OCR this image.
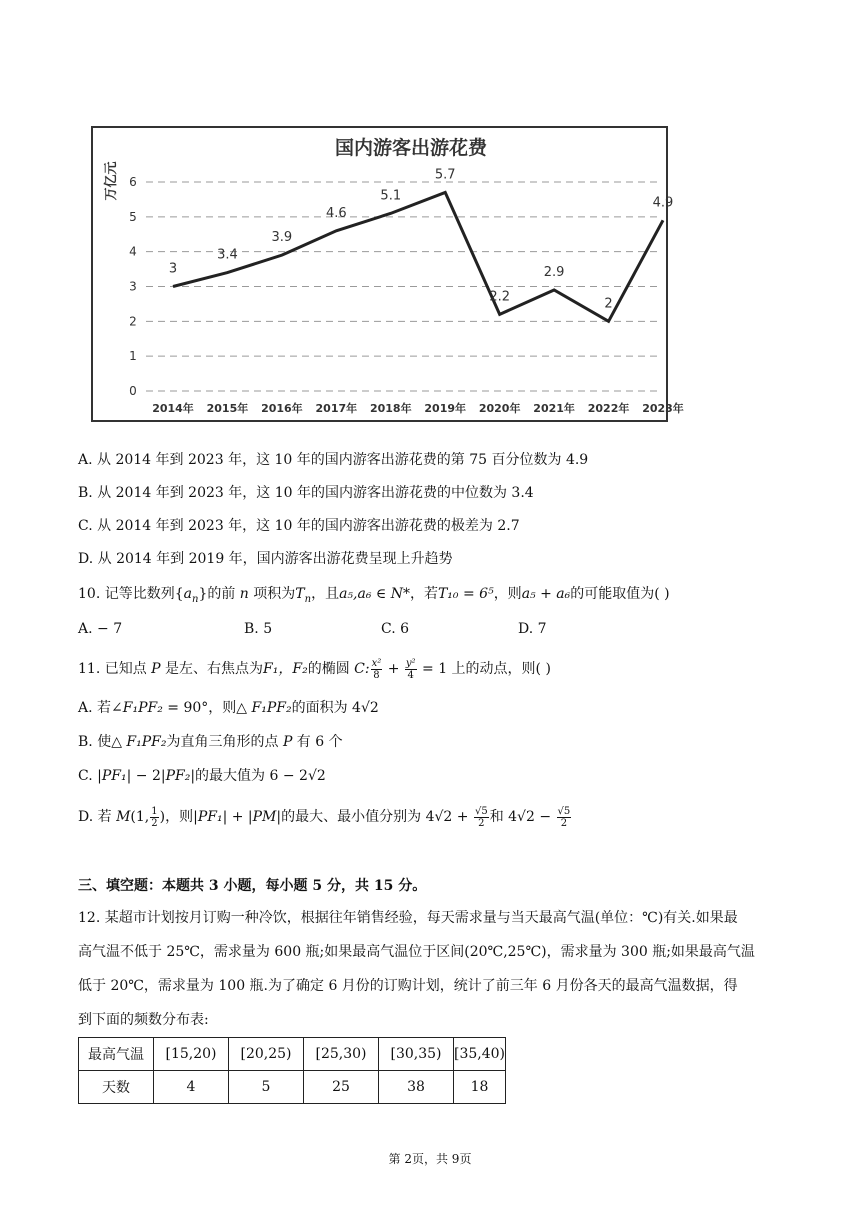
国内游客出游花费
万亿元
0
1
2
3
4
5
6
2014年 2015年 2016年 2017年 2018年 2019年 2020年 2021年 2022年 2023年
3
3.4
3.9
4.6
5.1
5.7
2.2
2.9
2
4.9
A. 从 2014 年到 2023 年，这 10 年的国内游客出游花费的第 75 百分位数为 4.9
B. 从 2014 年到 2023 年，这 10 年的国内游客出游花费的中位数为 3.4
C. 从 2014 年到 2023 年，这 10 年的国内游客出游花费的极差为 2.7
D. 从 2014 年到 2019 年，国内游客出游花费呈现上升趋势
10. 记等比数列$\{a_n\}$的前 n 项积为$T_n$，且a₅,a₆ ∈ N*，若T₁₀ = 6⁵，则a₅ + a₆的可能取值为( )
A. − 7	B. 5	C. 6	D. 7
11. 已知点 P 是左、右焦点为F₁，F₂的椭圆 C: $\frac{\text{x²}}{8} + \frac{\text{y²}}{4} = 1$ 上的动点，则( )
A. 若∠F₁PF₂ = 90°，则△ F₁PF₂的面积为 4√2
B. 使△ F₁PF₂为直角三角形的点 P 有 6 个
C. |PF₁| − 2|PF₂|的最大值为 6 − 2√2
D. 若 M(1, $\frac{1}{2}$ )，则|PF₁| + |PM|的最大、最小值分别为 $4√2 + \frac{√5}{2}$ 和 $4√2 - \frac{√5}{2}$
三、填空题：本题共 3 小题，每小题 5 分，共 15 分。
12. 某超市计划按月订购一种冷饮，根据往年销售经验，每天需求量与当天最高气温(单位：℃)有关.如果最
高气温不低于 25℃，需求量为 600 瓶;如果最高气温位于区间(20℃,25℃)，需求量为 300 瓶;如果最高气温
低于 20℃，需求量为 100 瓶.为了确定 6 月份的订购计划，统计了前三年 6 月份各天的最高气温数据，得
到下面的频数分布表:
最高气温	[15,20)	[20,25)	[25,30)	[30,35)	[35,40)
天数	4	5	25	38	18
第 2页，共 9页
